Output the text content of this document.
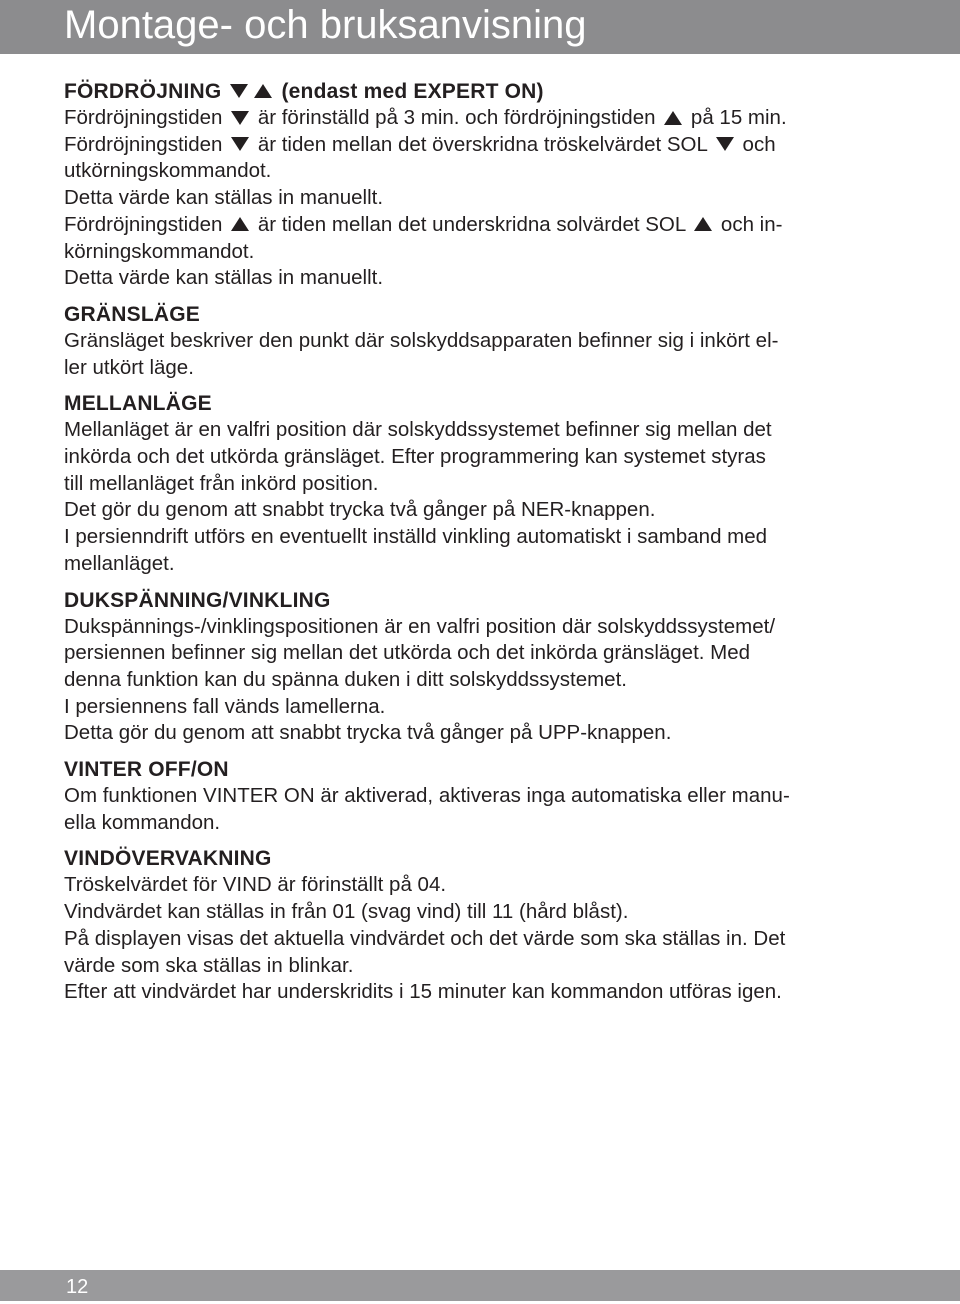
Montage- och bruksanvisning

FÖRDRÖJNING	(endast med EXPERT ON)

Fördröjningstiden är förinställd på 3 min. och fördröjningstiden på 15 min.

Fördröjningstiden är tiden mellan det överskridna tröskelvärdet SOL och

utkörningskommandot.

Detta värde kan ställas in manuellt.

Fördröjningstiden är tiden mellan det underskridna solvärdet SOL och in-

körningskommandot.

Detta värde kan ställas in manuellt.

GRÄNSLÄGE

Gränsläget beskriver den punkt där solskyddsapparaten befinner sig i inkört el-

ler utkört läge.

MELLANLÄGE

Mellanläget är en valfri position där solskyddssystemet befinner sig mellan det

inkörda och det utkörda gränsläget. Efter programmering kan systemet styras

till mellanläget från inkörd position.

Det gör du genom att snabbt trycka två gånger på NER-knappen.

I persienndrift utförs en eventuellt inställd vinkling automatiskt i samband med

mellanläget.

DUKSPÄNNING/VINKLING

Dukspännings-/vinklingspositionen är en valfri position där solskyddssystemet/

persiennen befinner sig mellan det utkörda och det inkörda gränsläget. Med

denna funktion kan du spänna duken i ditt solskyddssystemet.

I persiennens fall vänds lamellerna.

Detta gör du genom att snabbt trycka två gånger på UPP-knappen.

VINTER OFF/ON

Om funktionen VINTER ON är aktiverad, aktiveras inga automatiska eller manu-

ella kommandon.

VINDÖVERVAKNING

Tröskelvärdet för VIND är förinställt på 04.

Vindvärdet kan ställas in från 01 (svag vind) till 11 (hård blåst).

På displayen visas det aktuella vindvärdet och det värde som ska ställas in. Det

värde som ska ställas in blinkar.

Efter att vindvärdet har underskridits i 15 minuter kan kommandon utföras igen.

12
